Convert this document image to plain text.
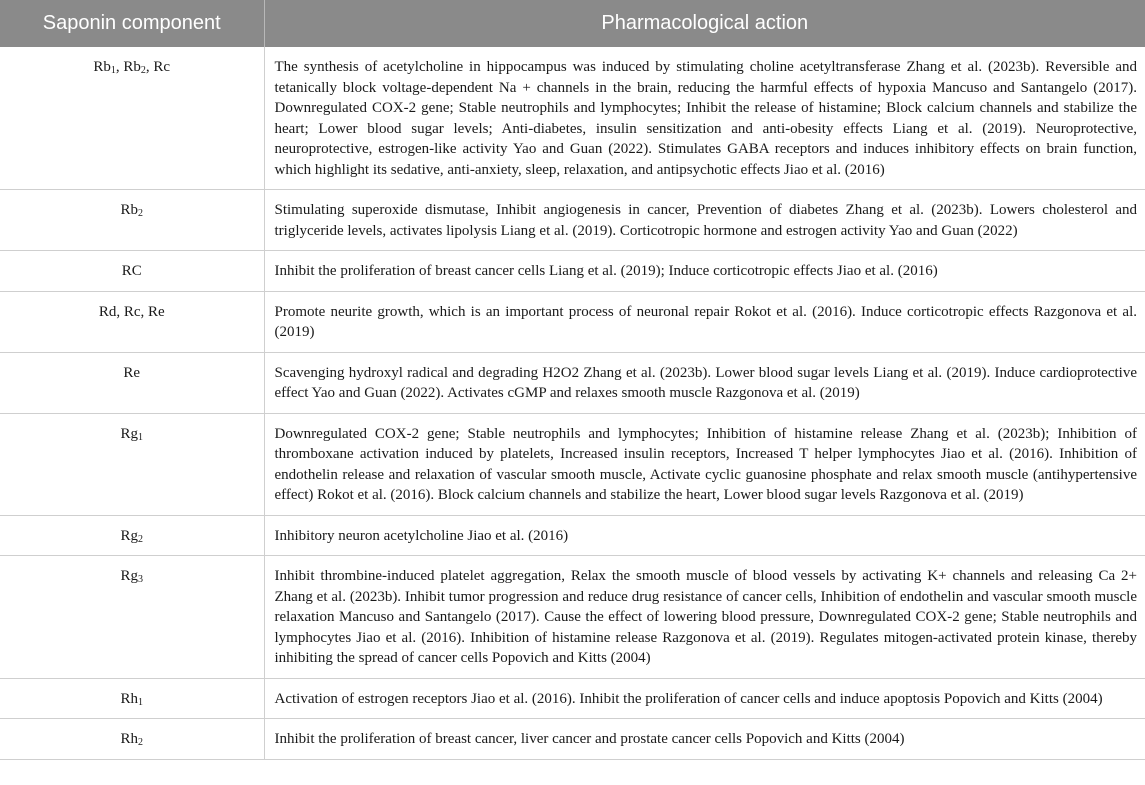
Saponin component	Pharmacological action
$Rb_1$, $Rb_2$, Rc	The synthesis of acetylcholine in hippocampus was induced by stimulating choline acetyltransferase Zhang et al. (2023b). Reversible and tetanically block voltage-dependent Na + channels in the brain, reducing the harmful effects of hypoxia Mancuso and Santangelo (2017). Downregulated COX-2 gene; Stable neutrophils and lymphocytes; Inhibit the release of histamine; Block calcium channels and stabilize the heart; Lower blood sugar levels; Anti-diabetes, insulin sensitization and anti-obesity effects Liang et al. (2019). Neuroprotective, neuroprotective, estrogen-like activity Yao and Guan (2022). Stimulates GABA receptors and induces inhibitory effects on brain function, which highlight its sedative, anti-anxiety, sleep, relaxation, and antipsychotic effects Jiao et al. (2016)
$Rb_2$	Stimulating superoxide dismutase, Inhibit angiogenesis in cancer, Prevention of diabetes Zhang et al. (2023b). Lowers cholesterol and triglyceride levels, activates lipolysis Liang et al. (2019). Corticotropic hormone and estrogen activity Yao and Guan (2022)
RC	Inhibit the proliferation of breast cancer cells Liang et al. (2019); Induce corticotropic effects Jiao et al. (2016)
Rd, Rc, Re	Promote neurite growth, which is an important process of neuronal repair Rokot et al. (2016). Induce corticotropic effects Razgonova et al. (2019)
Re	Scavenging hydroxyl radical and degrading H2O2 Zhang et al. (2023b). Lower blood sugar levels Liang et al. (2019). Induce cardioprotective effect Yao and Guan (2022). Activates cGMP and relaxes smooth muscle Razgonova et al. (2019)
$Rg_1$	Downregulated COX-2 gene; Stable neutrophils and lymphocytes; Inhibition of histamine release Zhang et al. (2023b); Inhibition of thromboxane activation induced by platelets, Increased insulin receptors, Increased T helper lymphocytes Jiao et al. (2016). Inhibition of endothelin release and relaxation of vascular smooth muscle, Activate cyclic guanosine phosphate and relax smooth muscle (antihypertensive effect) Rokot et al. (2016). Block calcium channels and stabilize the heart, Lower blood sugar levels Razgonova et al. (2019)
$Rg_2$	Inhibitory neuron acetylcholine Jiao et al. (2016)
$Rg_3$	Inhibit thrombine-induced platelet aggregation, Relax the smooth muscle of blood vessels by activating K+ channels and releasing Ca 2+ Zhang et al. (2023b). Inhibit tumor progression and reduce drug resistance of cancer cells, Inhibition of endothelin and vascular smooth muscle relaxation Mancuso and Santangelo (2017). Cause the effect of lowering blood pressure, Downregulated COX-2 gene; Stable neutrophils and lymphocytes Jiao et al. (2016). Inhibition of histamine release Razgonova et al. (2019). Regulates mitogen-activated protein kinase, thereby inhibiting the spread of cancer cells Popovich and Kitts (2004)
$Rh_1$	Activation of estrogen receptors Jiao et al. (2016). Inhibit the proliferation of cancer cells and induce apoptosis Popovich and Kitts (2004)
$Rh_2$	Inhibit the proliferation of breast cancer, liver cancer and prostate cancer cells Popovich and Kitts (2004)
